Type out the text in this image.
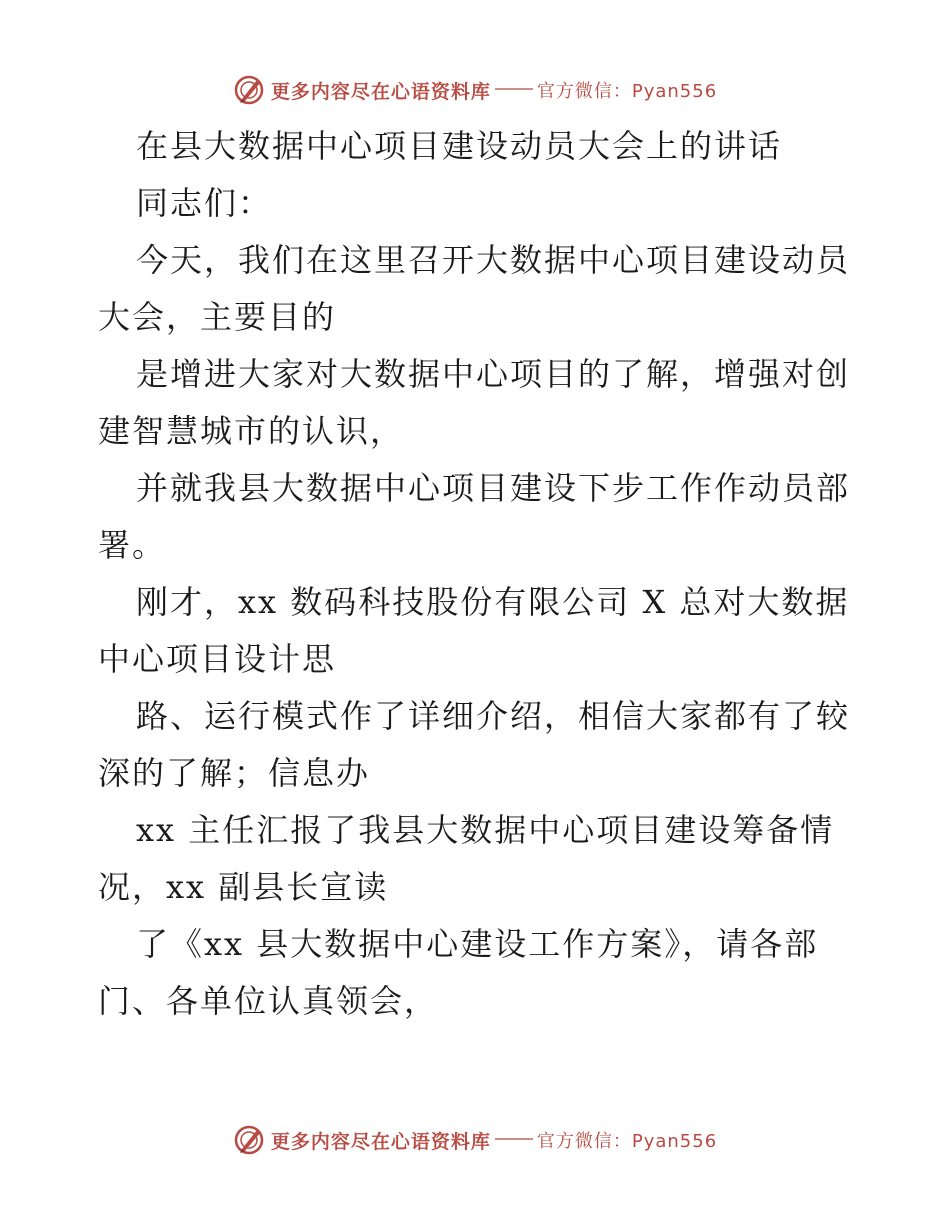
更多内容尽在心语资料库	官方微信：Pyan556

在县大数据中心项目建设动员大会上的讲话

同志们：

今天，我们在这里召开大数据中心项目建设动员

大会，主要目的

是增进大家对大数据中心项目的了解，增强对创

建智慧城市的认识，

并就我县大数据中心项目建设下步工作作动员部

署。

刚才，xx 数码科技股份有限公司 X 总对大数据

中心项目设计思

路、运行模式作了详细介绍，相信大家都有了较

深的了解；信息办

xx 主任汇报了我县大数据中心项目建设筹备情

况，xx 副县长宣读

了《xx 县大数据中心建设工作方案》，请各部

门、各单位认真领会，

更多内容尽在心语资料库	官方微信：Pyan556
